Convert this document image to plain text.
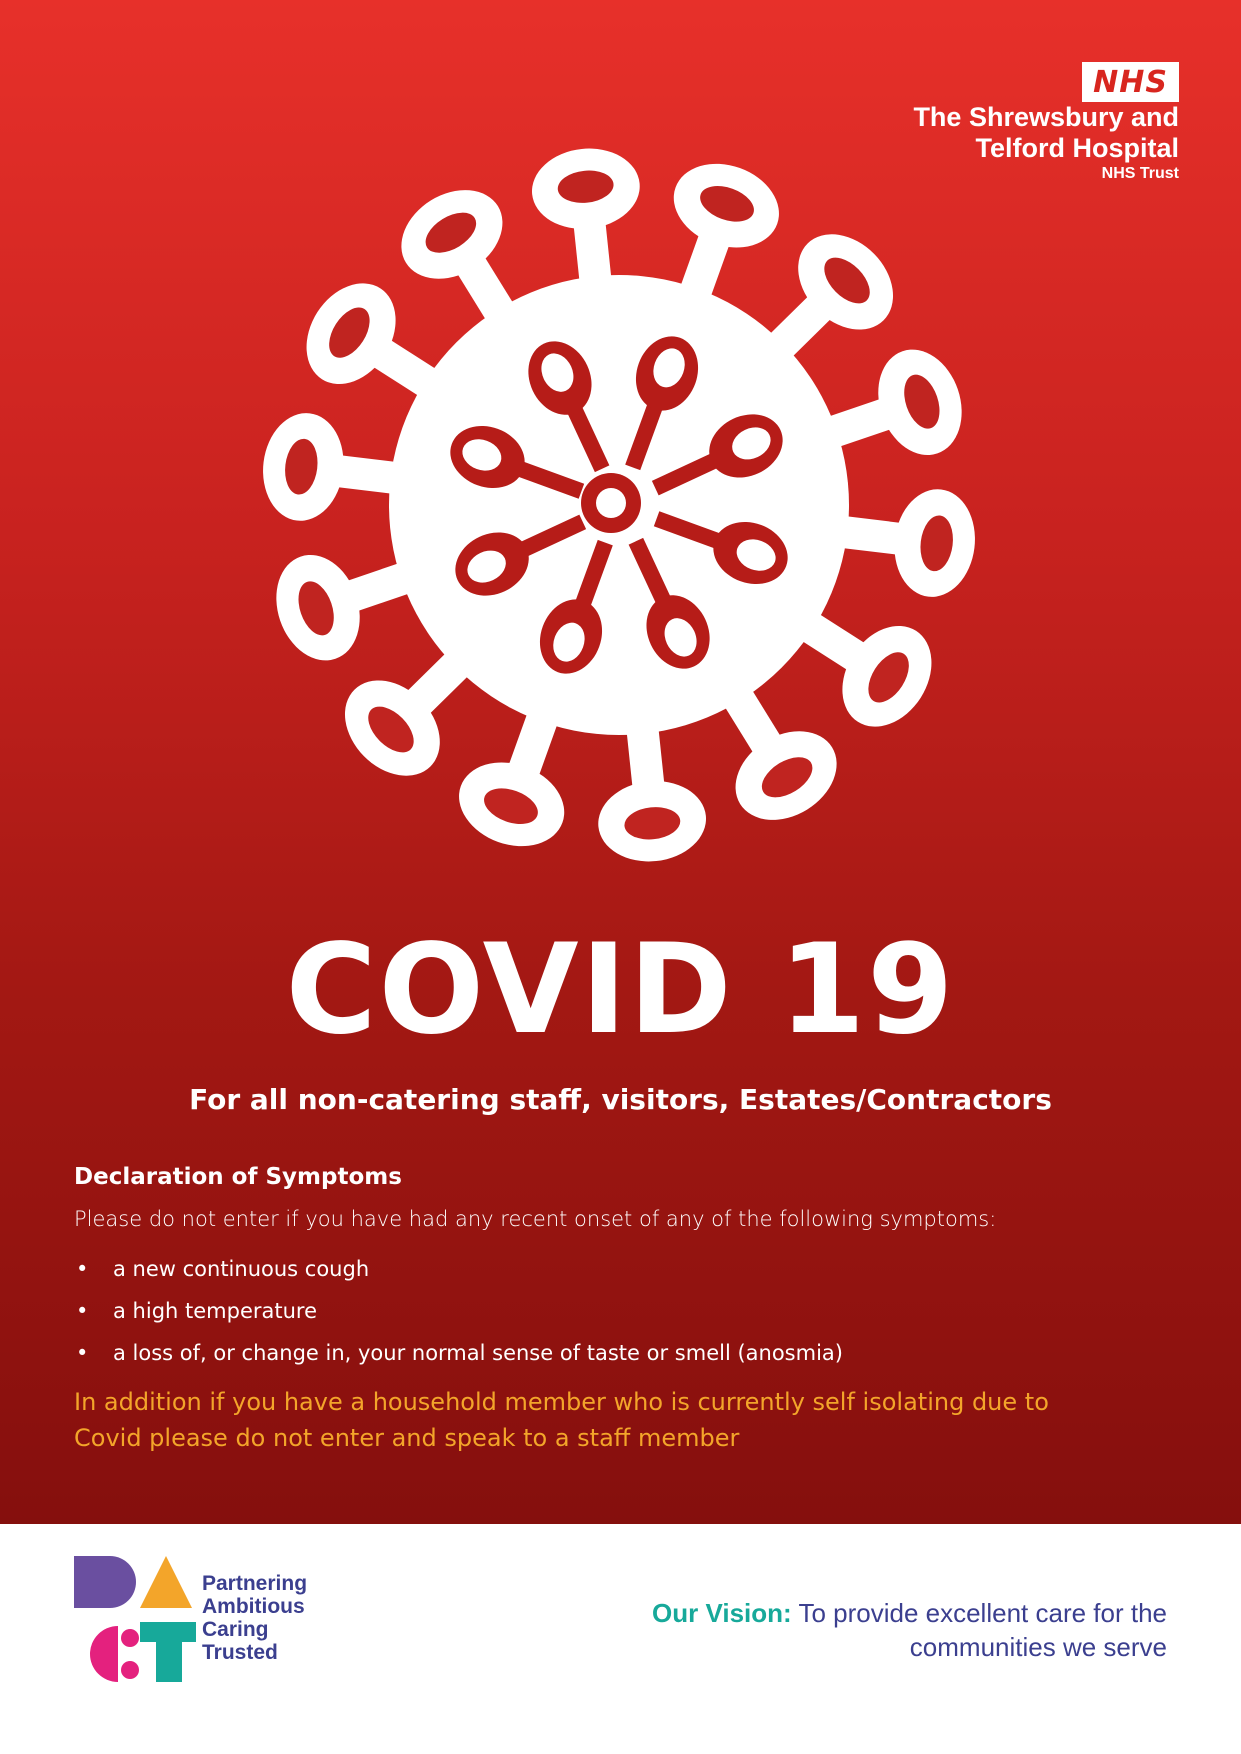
NHS
The Shrewsbury and
Telford Hospital
NHS Trust
COVID 19
For all non-catering staff, visitors, Estates/Contractors
Declaration of Symptoms
Please do not enter if you have had any recent onset of any of the following symptoms:
• a new continuous cough
• a high temperature
• a loss of, or change in, your normal sense of taste or smell (anosmia)
In addition if you have a household member who is currently self isolating due to Covid please do not enter and speak to a staff member
Partnering
Ambitious
Caring
Trusted
Our Vision: To provide excellent care for the communities we serve
